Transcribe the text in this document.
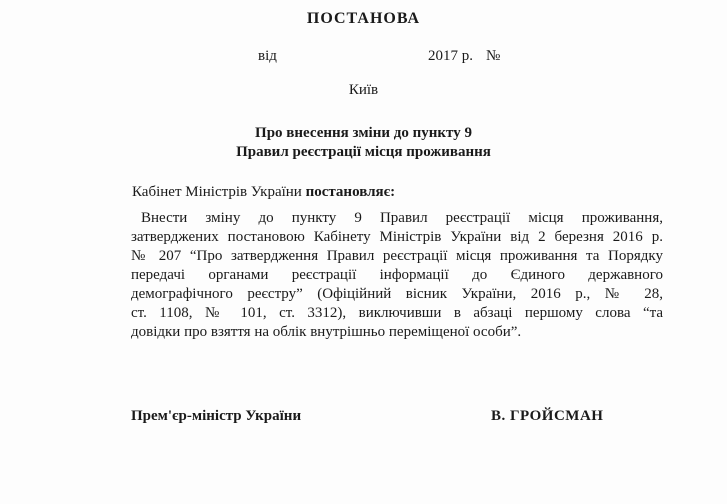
ПОСТАНОВА
від	2017 р. №
Київ
Про внесення зміни до пункту 9
Правил реєстрації місця проживання
Кабінет Міністрів України постановляє:
Внести зміну до пункту 9 Правил реєстрації місця проживання,
затверджених постановою Кабінету Міністрів України від 2 березня 2016 р.
№ 207 “Про затвердження Правил реєстрації місця проживання та Порядку
передачі органами реєстрації інформації до Єдиного державного
демографічного реєстру” (Офіційний вісник України, 2016 р., № 28,
ст. 1108, № 101, ст. 3312), виключивши в абзаці першому слова “та
довідки про взяття на облік внутрішньо переміщеної особи”.
Прем'єр-міністр України	В. ГРОЙСМАН
